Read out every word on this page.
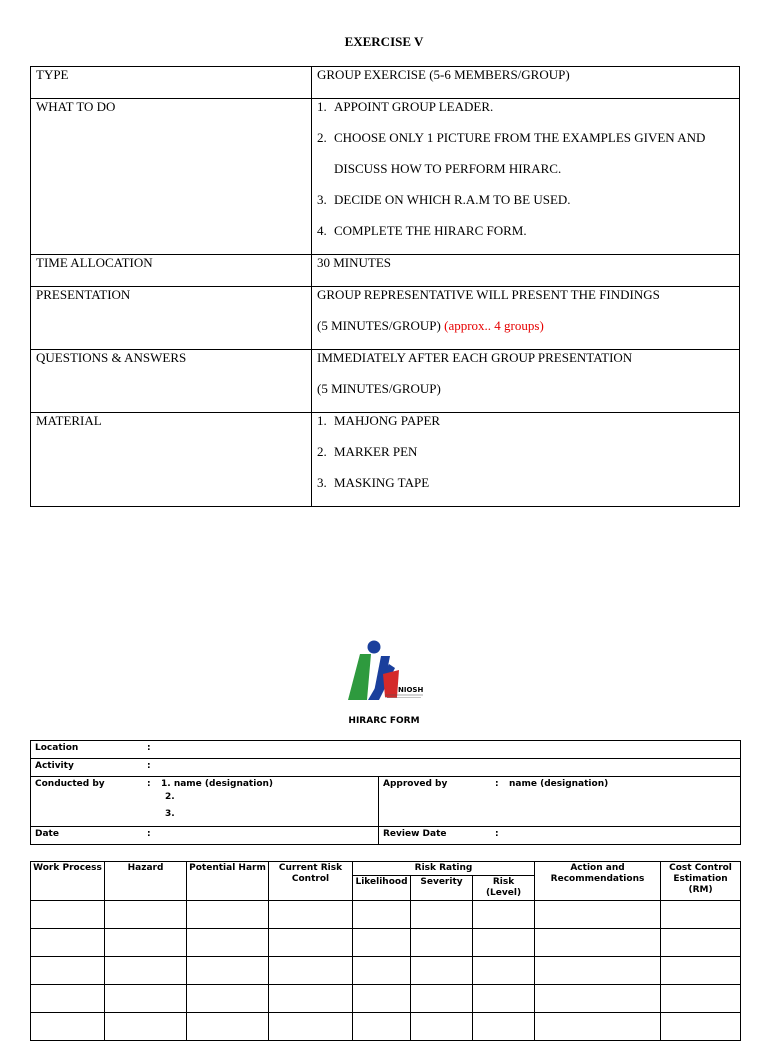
EXERCISE V
TYPE	GROUP EXERCISE (5-6 MEMBERS/GROUP)

WHAT TO DO	1. APPOINT GROUP LEADER.
2. CHOOSE ONLY 1 PICTURE FROM THE EXAMPLES GIVEN AND
DISCUSS HOW TO PERFORM HIRARC.
3. DECIDE ON WHICH R.A.M TO BE USED.
4. COMPLETE THE HIRARC FORM.

TIME ALLOCATION	30 MINUTES

PRESENTATION	GROUP REPRESENTATIVE WILL PRESENT THE FINDINGS
(5 MINUTES/GROUP) (approx.. 4 groups)

QUESTIONS & ANSWERS	IMMEDIATELY AFTER EACH GROUP PRESENTATION
(5 MINUTES/GROUP)

MATERIAL	1. MAHJONG PAPER
2. MARKER PEN
3. MASKING TAPE
NIOSH
HIRARC FORM
Location :	
Activity :	
Conducted by : 1. name (designation)
2.
3.	Approved by : name (designation)
Date :	Review Date :
Work Process	Hazard	Potential Harm	Current Risk Control	Risk Rating			Action and Recommendations	Cost Control Estimation (RM)
				Likelihood	Severity	Risk (Level)		
